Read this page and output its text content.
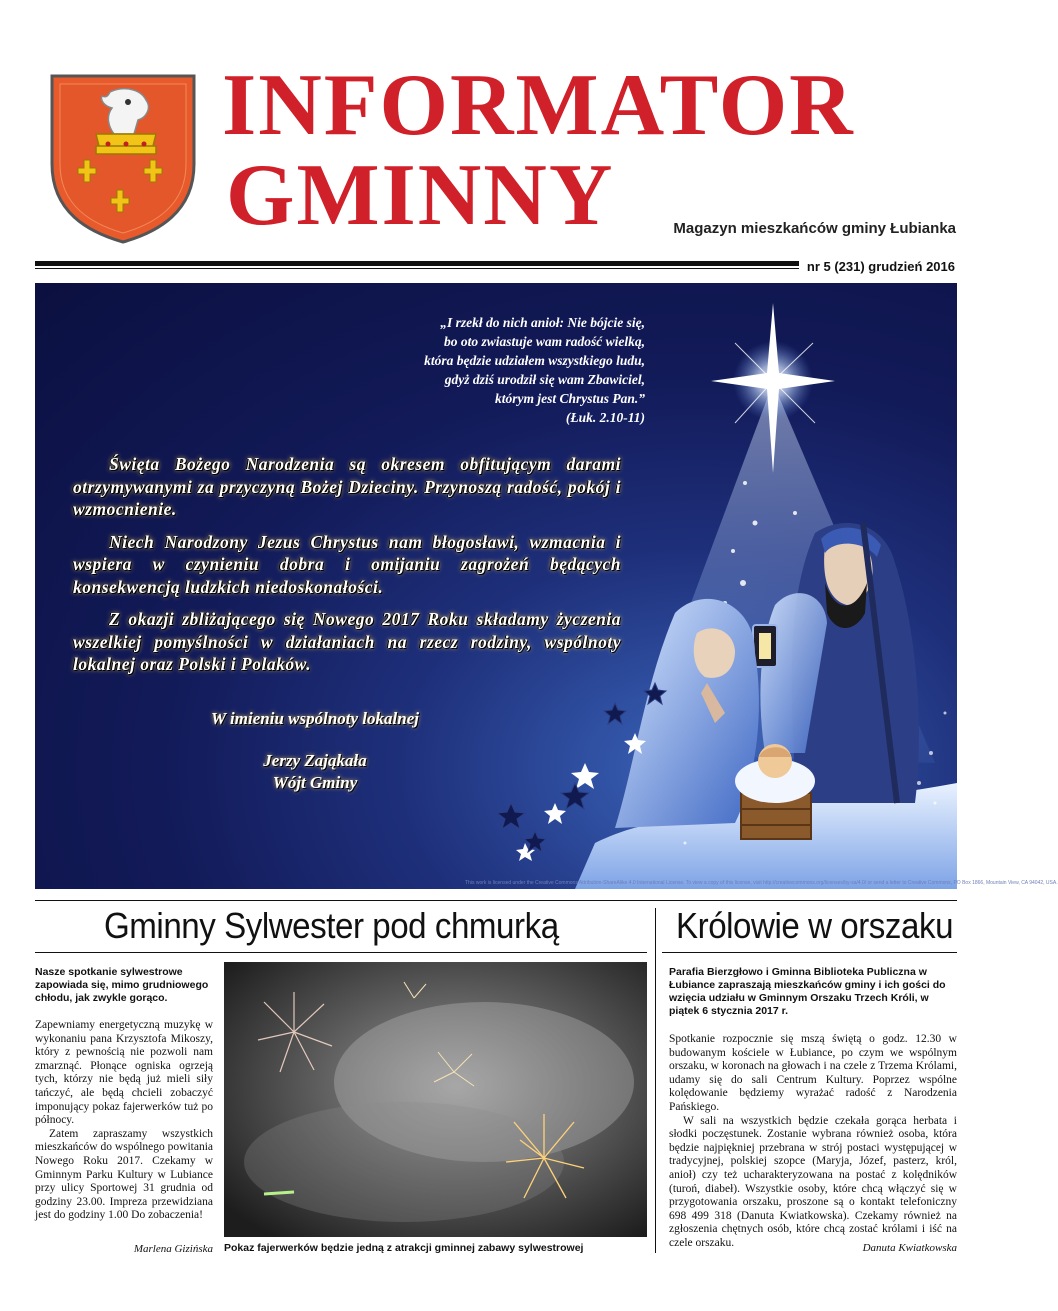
INFORMATOR
GMINNY	Magazyn mieszkańców gminy Łubianka
nr 5 (231) grudzień 2016
„I rzekł do nich anioł: Nie bójcie się,
bo oto zwiastuje wam radość wielką,
która będzie udziałem wszystkiego ludu,
gdyż dziś urodził się wam Zbawiciel,
którym jest Chrystus Pan.”
(Łuk. 2.10-11)

Święta Bożego Narodzenia są okresem obfitującym darami otrzymywanymi za przyczyną Bożej Dzieciny. Przynoszą radość, pokój i wzmocnienie.

Niech Narodzony Jezus Chrystus nam błogosławi, wzmacnia i wspiera w czynieniu dobra i omijaniu zagrożeń będących konsekwencją ludzkich niedoskonałości.

Z okazji zbliżającego się Nowego 2017 Roku składamy życzenia wszelkiej pomyślności w działaniach na rzecz rodziny, wspólnoty lokalnej oraz Polski i Polaków.

W imieniu wspólnoty lokalnej
Jerzy Zająkała
Wójt Gminy
This work is licensed under the Creative Commons Attribution-ShareAlike 4.0 International License. To view a copy of this license, visit http://creativecommons.org/licenses/by-sa/4.0/ or send a letter to Creative Commons, PO Box 1866, Mountain View, CA 94042, USA.
Gminny Sylwester pod chmurką	Królowie w orszaku
Nasze spotkanie sylwestrowe zapowiada się, mimo grudniowego chłodu, jak zwykle gorąco.

Zapewniamy energetyczną muzykę w wykonaniu pana Krzysztofa Mikoszy, który z pewnością nie pozwoli nam zmarznąć. Płonące ogniska ogrzeją tych, którzy nie będą już mieli siły tańczyć, ale będą chcieli zobaczyć imponujący pokaz fajerwerków tuż po północy.

Zatem zapraszamy wszystkich mieszkańców do wspólnego powitania Nowego Roku 2017. Czekamy w Gminnym Parku Kultury w Lubiance przy ulicy Sportowej 31 grudnia od godziny 23.00. Impreza przewidziana jest do godziny 1.00 Do zobaczenia!

Marlena Gizińska Pokaz fajerwerków będzie jedną z atrakcji gminnej zabawy sylwestrowej
Parafia Bierzgłowo i Gminna Biblioteka Publiczna w Łubiance zapraszają mieszkańców gminy i ich gości do wzięcia udziału w Gminnym Orszaku Trzech Króli, w piątek 6 stycznia 2017 r.

Spotkanie rozpocznie się mszą świętą o godz. 12.30 w budowanym kościele w Łubiance, po czym we wspólnym orszaku, w koronach na głowach i na czele z Trzema Królami, udamy się do sali Centrum Kultury. Poprzez wspólne kolędowanie będziemy wyrażać radość z Narodzenia Pańskiego.

W sali na wszystkich będzie czekała gorąca herbata i słodki poczęstunek. Zostanie wybrana również osoba, która będzie najpiękniej przebrana w strój postaci występującej w tradycyjnej, polskiej szopce (Maryja, Józef, pasterz, król, anioł) czy też ucharakteryzowana na postać z kolędników (turoń, diabeł). Wszystkie osoby, które chcą włączyć się w przygotowania orszaku, proszone są o kontakt telefoniczny 698 499 318 (Danuta Kwiatkowska). Czekamy również na zgłoszenia chętnych osób, które chcą zostać królami i iść na czele orszaku.	Danuta Kwiatkowska
